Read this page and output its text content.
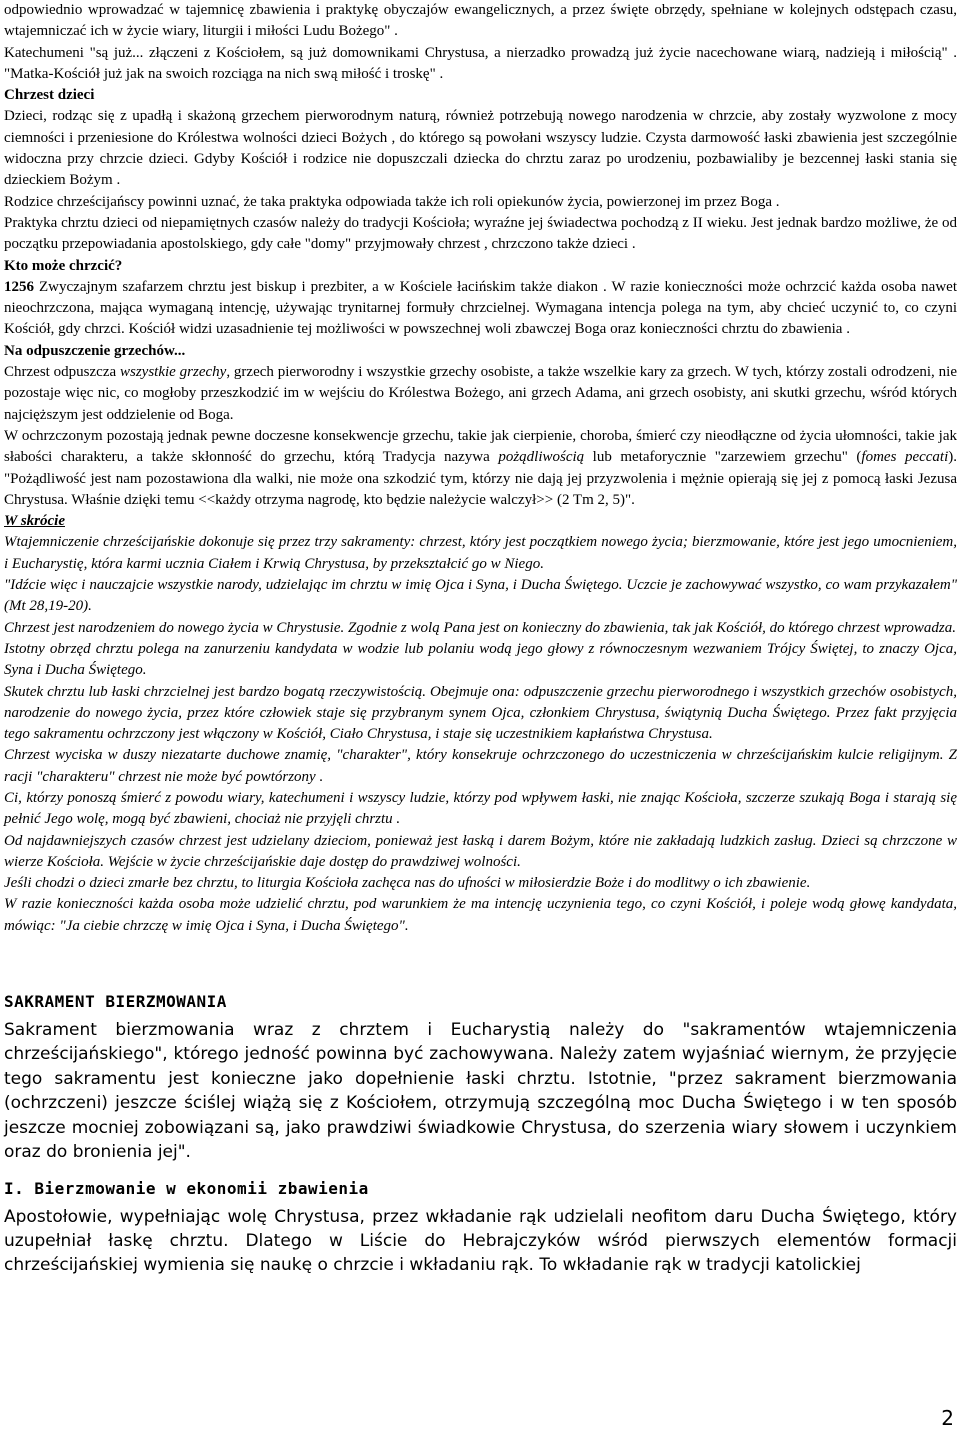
odpowiednio wprowadzać w tajemnicę zbawienia i praktykę obyczajów ewangelicznych, a przez święte obrzędy, spełniane w kolejnych odstępach czasu, wtajemniczać ich w życie wiary, liturgii i miłości Ludu Bożego" .

Katechumeni "są już... złączeni z Kościołem, są już domownikami Chrystusa, a nierzadko prowadzą już życie nacechowane wiarą, nadzieją i miłością" . "Matka-Kościół już jak na swoich rozciąga na nich swą miłość i troskę" .

Chrzest dzieci

Dzieci, rodząc się z upadłą i skażoną grzechem pierworodnym naturą, również potrzebują nowego narodzenia w chrzcie, aby zostały wyzwolone z mocy ciemności i przeniesione do Królestwa wolności dzieci Bożych , do którego są powołani wszyscy ludzie. Czysta darmowość łaski zbawienia jest szczególnie widoczna przy chrzcie dzieci. Gdyby Kościół i rodzice nie dopuszczali dziecka do chrztu zaraz po urodzeniu, pozbawialiby je bezcennej łaski stania się dzieckiem Bożym .

Rodzice chrześcijańscy powinni uznać, że taka praktyka odpowiada także ich roli opiekunów życia, powierzonej im przez Boga .

Praktyka chrztu dzieci od niepamiętnych czasów należy do tradycji Kościoła; wyraźne jej świadectwa pochodzą z II wieku. Jest jednak bardzo możliwe, że od początku przepowiadania apostolskiego, gdy całe "domy" przyjmowały chrzest , chrzczono także dzieci .

Kto może chrzcić?

1256 Zwyczajnym szafarzem chrztu jest biskup i prezbiter, a w Kościele łacińskim także diakon . W razie konieczności może ochrzcić każda osoba nawet nieochrzczona, mająca wymaganą intencję, używając trynitarnej formuły chrzcielnej. Wymagana intencja polega na tym, aby chcieć uczynić to, co czyni Kościół, gdy chrzci. Kościół widzi uzasadnienie tej możliwości w powszechnej woli zbawczej Boga oraz konieczności chrztu do zbawienia .

Na odpuszczenie grzechów...

Chrzest odpuszcza wszystkie grzechy, grzech pierworodny i wszystkie grzechy osobiste, a także wszelkie kary za grzech. W tych, którzy zostali odrodzeni, nie pozostaje więc nic, co mogłoby przeszkodzić im w wejściu do Królestwa Bożego, ani grzech Adama, ani grzech osobisty, ani skutki grzechu, wśród których najcięższym jest oddzielenie od Boga.

W ochrzczonym pozostają jednak pewne doczesne konsekwencje grzechu, takie jak cierpienie, choroba, śmierć czy nieodłączne od życia ułomności, takie jak słabości charakteru, a także skłonność do grzechu, którą Tradycja nazywa pożądliwością lub metaforycznie "zarzewiem grzechu" (fomes peccati). "Pożądliwość jest nam pozostawiona dla walki, nie może ona szkodzić tym, którzy nie dają jej przyzwolenia i mężnie opierają się jej z pomocą łaski Jezusa Chrystusa. Właśnie dzięki temu <<każdy otrzyma nagrodę, kto będzie należycie walczył>> (2 Tm 2, 5)".

W skrócie

Wtajemniczenie chrześcijańskie dokonuje się przez trzy sakramenty: chrzest, który jest początkiem nowego życia; bierzmowanie, które jest jego umocnieniem, i Eucharystię, która karmi ucznia Ciałem i Krwią Chrystusa, by przekształcić go w Niego.

"Idźcie więc i nauczajcie wszystkie narody, udzielając im chrztu w imię Ojca i Syna, i Ducha Świętego. Uczcie je zachowywać wszystko, co wam przykazałem" (Mt 28,19-20).

Chrzest jest narodzeniem do nowego życia w Chrystusie. Zgodnie z wolą Pana jest on konieczny do zbawienia, tak jak Kościół, do którego chrzest wprowadza.

Istotny obrzęd chrztu polega na zanurzeniu kandydata w wodzie lub polaniu wodą jego głowy z równoczesnym wezwaniem Trójcy Świętej, to znaczy Ojca, Syna i Ducha Świętego.

Skutek chrztu lub łaski chrzcielnej jest bardzo bogatą rzeczywistością. Obejmuje ona: odpuszczenie grzechu pierworodnego i wszystkich grzechów osobistych, narodzenie do nowego życia, przez które człowiek staje się przybranym synem Ojca, członkiem Chrystusa, świątynią Ducha Świętego. Przez fakt przyjęcia tego sakramentu ochrzczony jest włączony w Kościół, Ciało Chrystusa, i staje się uczestnikiem kapłaństwa Chrystusa.

Chrzest wyciska w duszy niezatarte duchowe znamię, "charakter", który konsekruje ochrzczonego do uczestniczenia w chrześcijańskim kulcie religijnym. Z racji "charakteru" chrzest nie może być powtórzony .

Ci, którzy ponoszą śmierć z powodu wiary, katechumeni i wszyscy ludzie, którzy pod wpływem łaski, nie znając Kościoła, szczerze szukają Boga i starają się pełnić Jego wolę, mogą być zbawieni, chociaż nie przyjęli chrztu .

Od najdawniejszych czasów chrzest jest udzielany dzieciom, ponieważ jest łaską i darem Bożym, które nie zakładają ludzkich zasług. Dzieci są chrzczone w wierze Kościoła. Wejście w życie chrześcijańskie daje dostęp do prawdziwej wolności.

Jeśli chodzi o dzieci zmarłe bez chrztu, to liturgia Kościoła zachęca nas do ufności w miłosierdzie Boże i do modlitwy o ich zbawienie.

W razie konieczności każda osoba może udzielić chrztu, pod warunkiem że ma intencję uczynienia tego, co czyni Kościół, i poleje wodą głowę kandydata, mówiąc: "Ja ciebie chrzczę w imię Ojca i Syna, i Ducha Świętego".

SAKRAMENT BIERZMOWANIA

Sakrament bierzmowania wraz z chrztem i Eucharystią należy do "sakramentów wtajemniczenia chrześcijańskiego", którego jedność powinna być zachowywana. Należy zatem wyjaśniać wiernym, że przyjęcie tego sakramentu jest konieczne jako dopełnienie łaski chrztu. Istotnie, "przez sakrament bierzmowania (ochrzczeni) jeszcze ściślej wiążą się z Kościołem, otrzymują szczególną moc Ducha Świętego i w ten sposób jeszcze mocniej zobowiązani są, jako prawdziwi świadkowie Chrystusa, do szerzenia wiary słowem i uczynkiem oraz do bronienia jej".

I. Bierzmowanie w ekonomii zbawienia

Apostołowie, wypełniając wolę Chrystusa, przez wkładanie rąk udzielali neofitom daru Ducha Świętego, który uzupełniał łaskę chrztu. Dlatego w Liście do Hebrajczyków wśród pierwszych elementów formacji chrześcijańskiej wymienia się naukę o chrzcie i wkładaniu rąk. To wkładanie rąk w tradycji katolickiej

2
